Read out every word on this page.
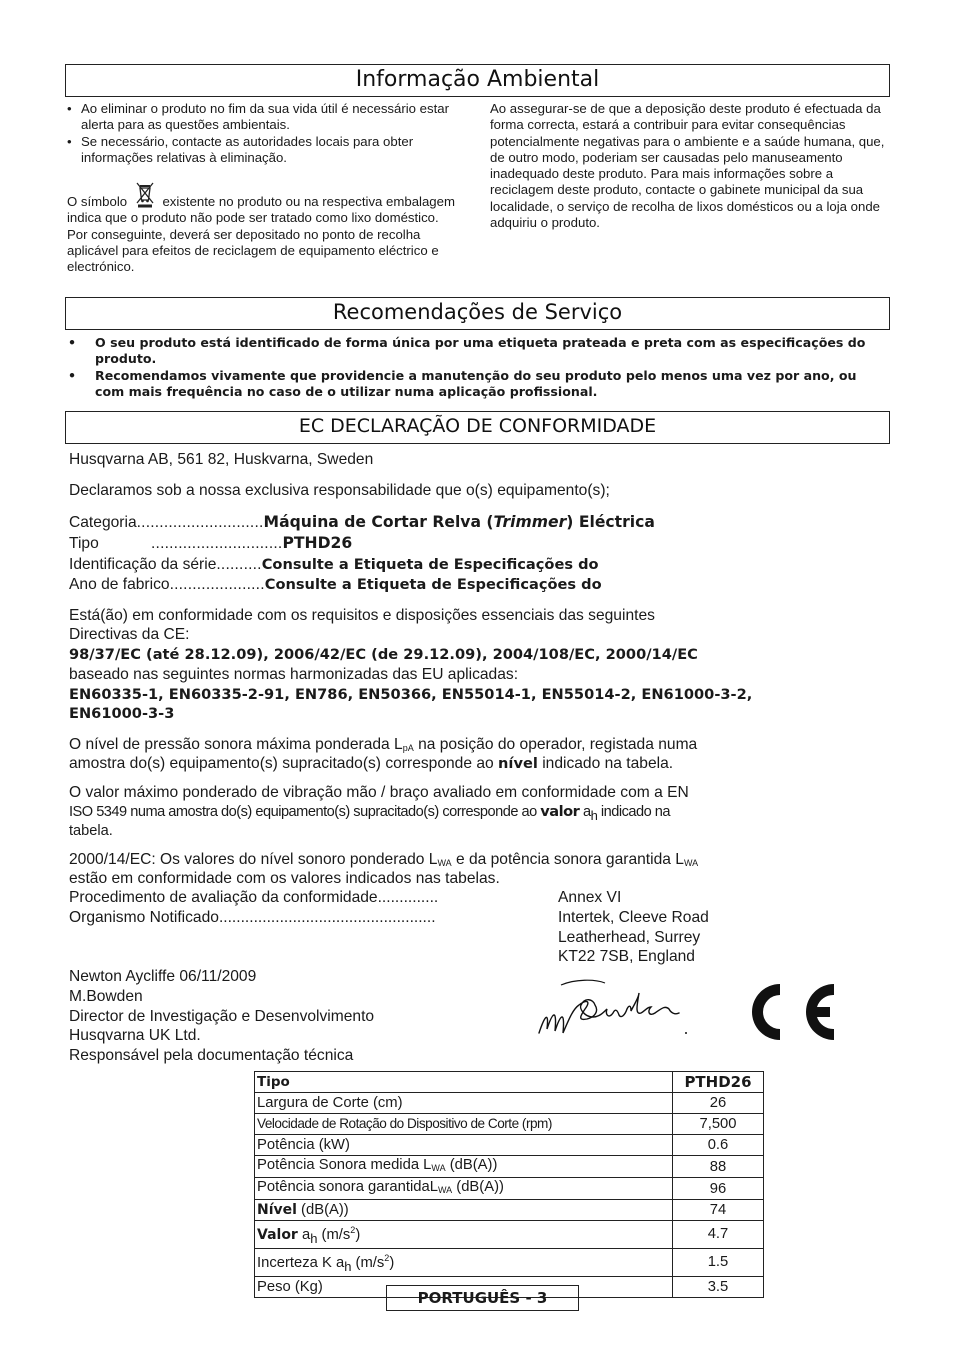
Informação Ambiental
• Ao eliminar o produto no fim da sua vida útil é necessário estar alerta para as questões ambientais.
• Se necessário, contacte as autoridades locais para obter informações relativas à eliminação.
O símbolo	existente no produto ou na respectiva embalagem indica que o produto não pode ser tratado como lixo doméstico. Por conseguinte, deverá ser depositado no ponto de recolha aplicável para efeitos de reciclagem de equipamento eléctrico e electrónico.
Ao assegurar-se de que a deposição deste produto é efectuada da forma correcta, estará a contribuir para evitar consequências potencialmente negativas para o ambiente e a saúde humana, que, de outro modo, poderiam ser causadas pelo manuseamento inadequado deste produto. Para mais informações sobre a reciclagem deste produto, contacte o gabinete municipal da sua localidade, o serviço de recolha de lixos domésticos ou a loja onde adquiriu o produto.
Recomendações de Serviço
• O seu produto está identificado de forma única por uma etiqueta prateada e preta com as especificações do produto.
• Recomendamos vivamente que providencie a manutenção do seu produto pelo menos uma vez por ano, ou com mais frequência no caso de o utilizar numa aplicação profissional.
EC DECLARAÇÃO DE CONFORMIDADE
Husqvarna AB, 561 82, Huskvarna, Sweden
Declaramos sob a nossa exclusiva responsabilidade que o(s) equipamento(s);
Categoria............................Máquina de Cortar Relva (Trimmer) Eléctrica
Tipo	.............................PTHD26
Identificação da série..........Consulte a Etiqueta de Especificações do
Ano de fabrico.....................Consulte a Etiqueta de Especificações do
Está(ão) em conformidade com os requisitos e disposições essenciais das seguintes
Directivas da CE:
98/37/EC (até 28.12.09), 2006/42/EC (de 29.12.09), 2004/108/EC, 2000/14/EC
baseado nas seguintes normas harmonizadas das EU aplicadas:
EN60335-1, EN60335-2-91, EN786, EN50366, EN55014-1, EN55014-2, EN61000-3-2,
EN61000-3-3
O nível de pressão sonora máxima ponderada $L_{pA}$ na posição do operador, registada numa
amostra do(s) equipamento(s) supracitado(s) corresponde ao nível indicado na tabela.
O valor máximo ponderado de vibração mão / braço avaliado em conformidade com a EN
ISO 5349 numa amostra do(s) equipamento(s) supracitado(s) corresponde ao valor $a_h$ indicado na
tabela.
2000/14/EC: Os valores do nível sonoro ponderado $L_{WA}$ e da potência sonora garantida $L_{WA}$
estão em conformidade com os valores indicados nas tabelas.
Procedimento de avaliação da conformidade..............	Annex VI
Organismo Notificado..................................................	Intertek, Cleeve Road
Leatherhead, Surrey
KT22 7SB, England
Newton Aycliffe 06/11/2009
M.Bowden
Director de Investigação e Desenvolvimento
Husqvarna UK Ltd.
Responsável pela documentação técnica
Tipo	PTHD26
Largura de Corte (cm)	26
Velocidade de Rotação do Dispositivo de Corte (rpm)	7,500
Potência (kW)	0.6
Potência Sonora medida $L_{WA}$ (dB(A))	88
Potência sonora garantidaL$_{WA}$ (dB(A))	96
Nível (dB(A))	74
Valor $a_h$ $(m/s^2)$	4.7
Incerteza K $a_h$ $(m/s^2)$	1.5
Peso (Kg)	3.5
PORTUGUÊS - 3
